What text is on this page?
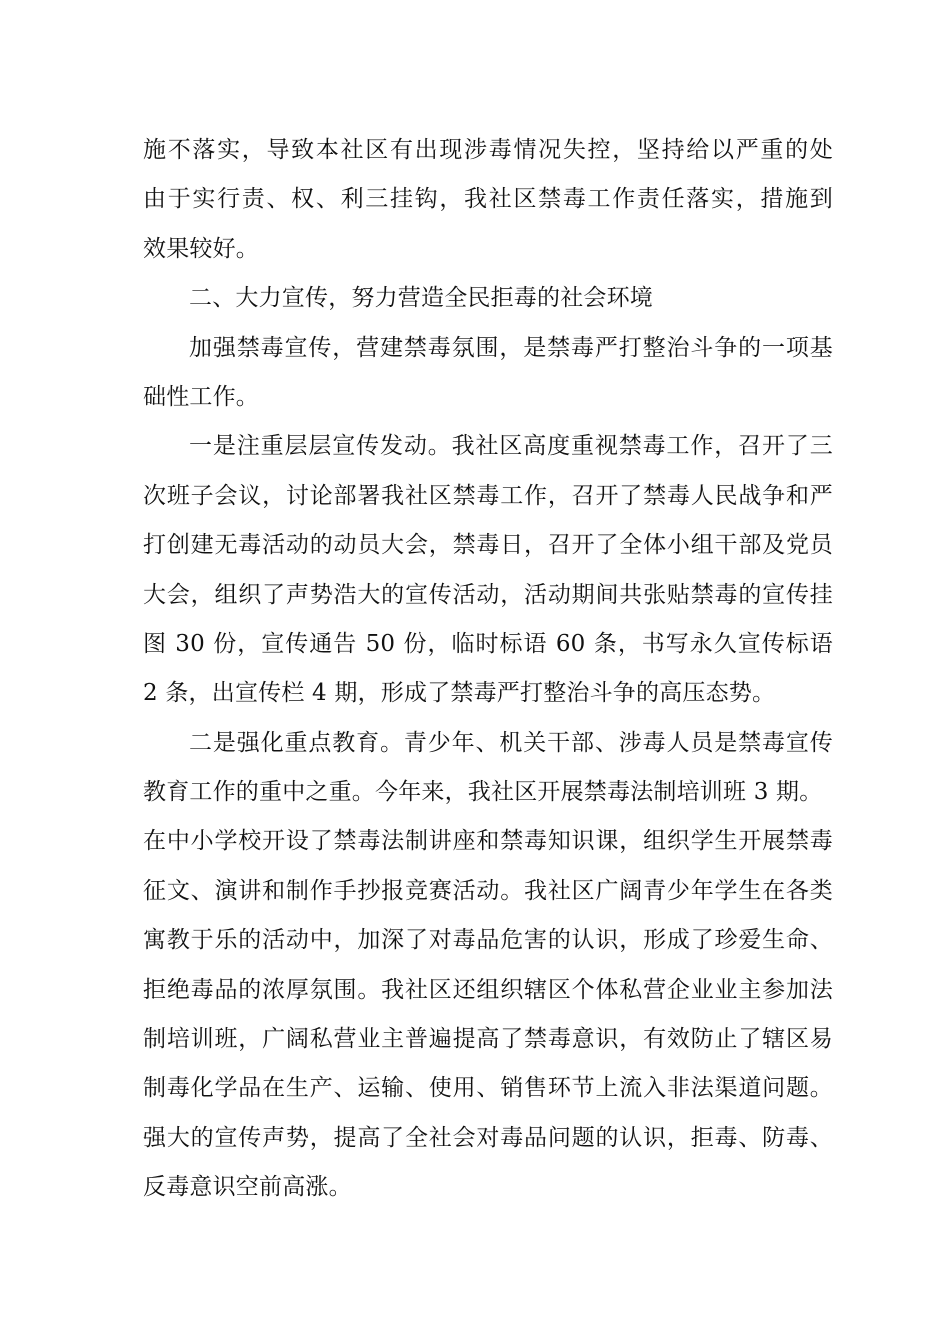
施不落实，导致本社区有出现涉毒情况失控，坚持给以严重的处
由于实行责、权、利三挂钩，我社区禁毒工作责任落实，措施到
效果较好。
二、大力宣传，努力营造全民拒毒的社会环境
加强禁毒宣传，营建禁毒氛围，是禁毒严打整治斗争的一项基
础性工作。
一是注重层层宣传发动。我社区高度重视禁毒工作，召开了三
次班子会议，讨论部署我社区禁毒工作，召开了禁毒人民战争和严
打创建无毒活动的动员大会，禁毒日，召开了全体小组干部及党员
大会，组织了声势浩大的宣传活动，活动期间共张贴禁毒的宣传挂
图 30 份，宣传通告 50 份，临时标语 60 条，书写永久宣传标语
2 条，出宣传栏 4 期，形成了禁毒严打整治斗争的高压态势。
二是强化重点教育。青少年、机关干部、涉毒人员是禁毒宣传
教育工作的重中之重。今年来，我社区开展禁毒法制培训班 3 期。
在中小学校开设了禁毒法制讲座和禁毒知识课，组织学生开展禁毒
征文、演讲和制作手抄报竞赛活动。我社区广阔青少年学生在各类
寓教于乐的活动中，加深了对毒品危害的认识，形成了珍爱生命、
拒绝毒品的浓厚氛围。我社区还组织辖区个体私营企业业主参加法
制培训班，广阔私营业主普遍提高了禁毒意识，有效防止了辖区易
制毒化学品在生产、运输、使用、销售环节上流入非法渠道问题。
强大的宣传声势，提高了全社会对毒品问题的认识，拒毒、防毒、
反毒意识空前高涨。
